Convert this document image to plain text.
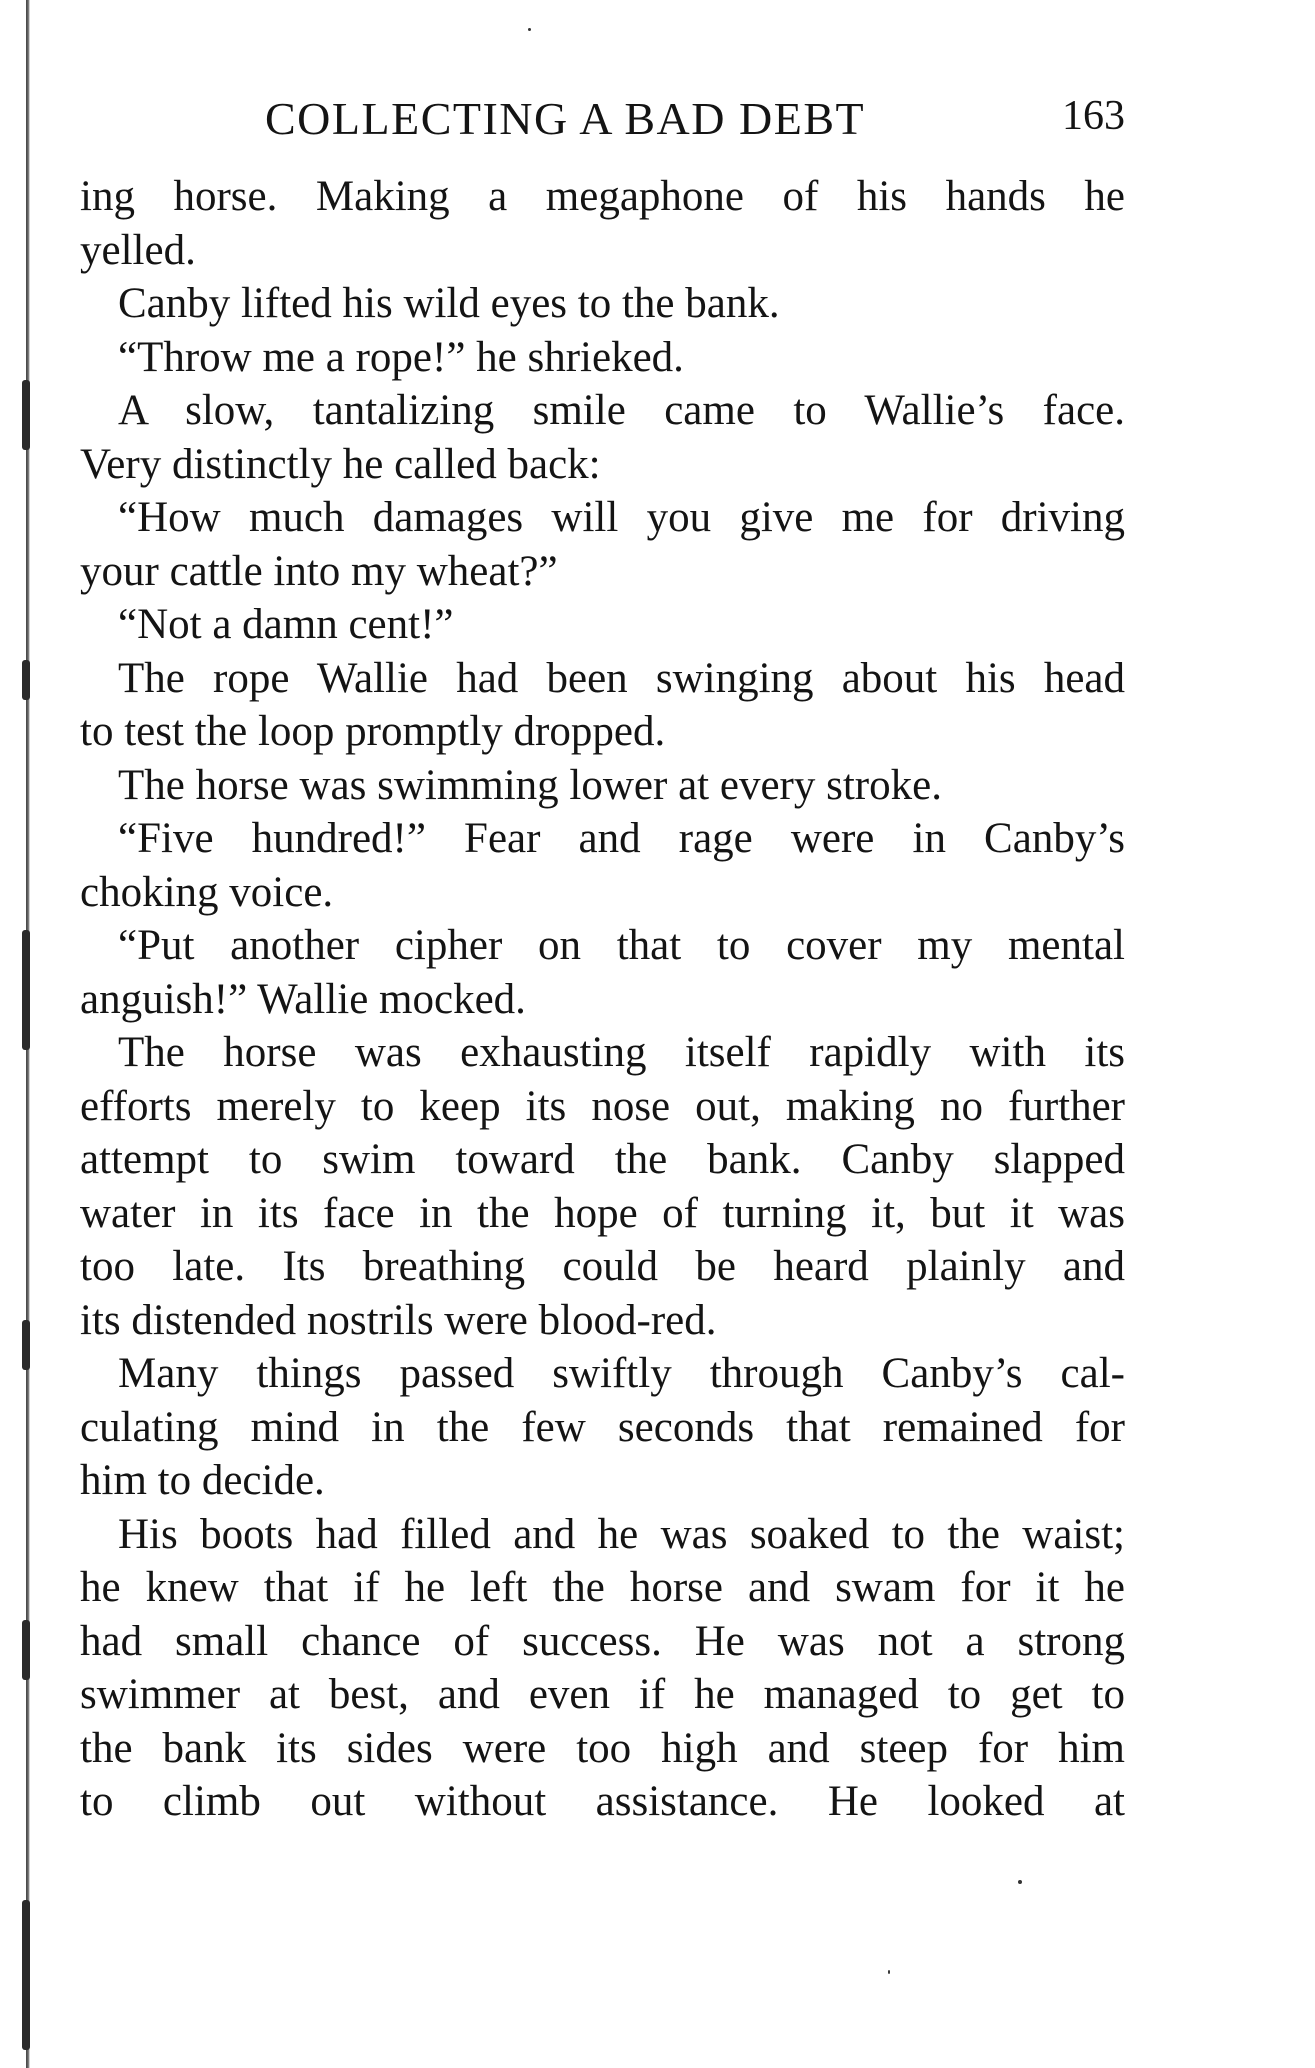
COLLECTING A BAD DEBT	163
ing horse. Making a megaphone of his hands he
yelled.
Canby lifted his wild eyes to the bank.
“Throw me a rope!” he shrieked.
A slow, tantalizing smile came to Wallie’s face.
Very distinctly he called back:
“How much damages will you give me for driving
your cattle into my wheat?”
“Not a damn cent!”
The rope Wallie had been swinging about his head
to test the loop promptly dropped.
The horse was swimming lower at every stroke.
“Five hundred!” Fear and rage were in Canby’s
choking voice.
“Put another cipher on that to cover my mental
anguish!” Wallie mocked.
The horse was exhausting itself rapidly with its
efforts merely to keep its nose out, making no further
attempt to swim toward the bank. Canby slapped
water in its face in the hope of turning it, but it was
too late. Its breathing could be heard plainly and
its distended nostrils were blood-red.
Many things passed swiftly through Canby’s cal-
culating mind in the few seconds that remained for
him to decide.
His boots had filled and he was soaked to the waist;
he knew that if he left the horse and swam for it he
had small chance of success. He was not a strong
swimmer at best, and even if he managed to get to
the bank its sides were too high and steep for him
to climb out without assistance. He looked at
